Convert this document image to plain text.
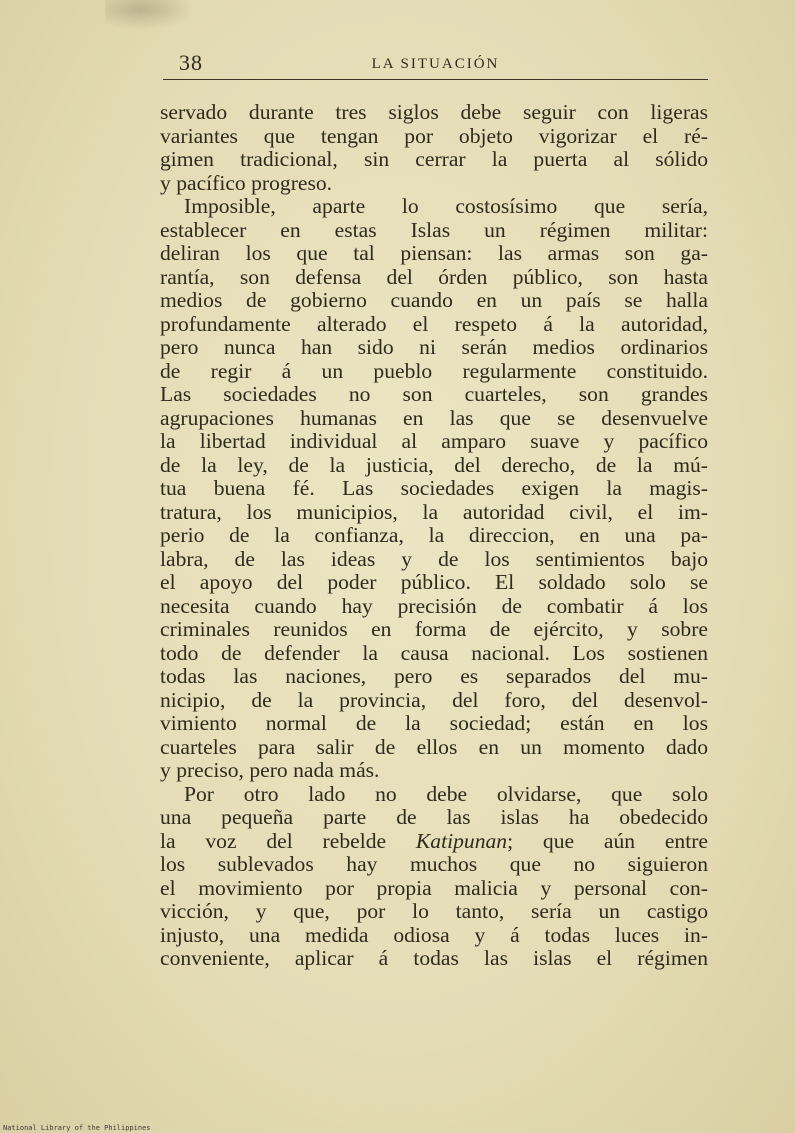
38	LA SITUACIÓN
servado durante tres siglos debe seguir con ligeras
variantes que tengan por objeto vigorizar el ré-
gimen tradicional, sin cerrar la puerta al sólido
y pacífico progreso.
Imposible, aparte lo costosísimo que sería,
establecer en estas Islas un régimen militar:
deliran los que tal piensan: las armas son ga-
rantía, son defensa del órden público, son hasta
medios de gobierno cuando en un país se halla
profundamente alterado el respeto á la autoridad,
pero nunca han sido ni serán medios ordinarios
de regir á un pueblo regularmente constituido.
Las sociedades no son cuarteles, son grandes
agrupaciones humanas en las que se desenvuelve
la libertad individual al amparo suave y pacífico
de la ley, de la justicia, del derecho, de la mú-
tua buena fé. Las sociedades exigen la magis-
tratura, los municipios, la autoridad civil, el im-
perio de la confianza, la direccion, en una pa-
labra, de las ideas y de los sentimientos bajo
el apoyo del poder público. El soldado solo se
necesita cuando hay precisión de combatir á los
criminales reunidos en forma de ejército, y sobre
todo de defender la causa nacional. Los sostienen
todas las naciones, pero es separados del mu-
nicipio, de la provincia, del foro, del desenvol-
vimiento normal de la sociedad; están en los
cuarteles para salir de ellos en un momento dado
y preciso, pero nada más.
Por otro lado no debe olvidarse, que solo
una pequeña parte de las islas ha obedecido
la voz del rebelde Katipunan; que aún entre
los sublevados hay muchos que no siguieron
el movimiento por propia malicia y personal con-
vicción, y que, por lo tanto, sería un castigo
injusto, una medida odiosa y á todas luces in-
conveniente, aplicar á todas las islas el régimen
National Library of the Philippines
